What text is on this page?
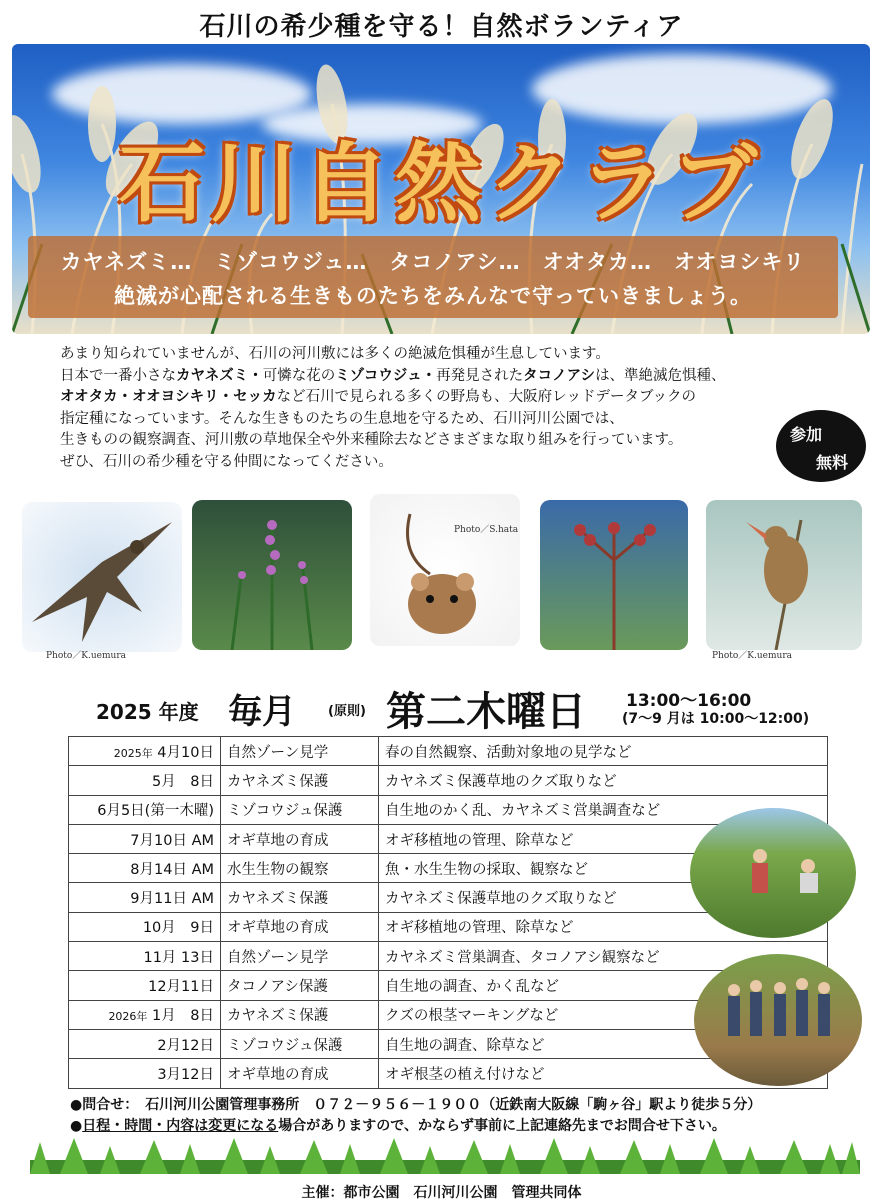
石川の希少種を守る！自然ボランティア
石川自然クラブ
カヤネズミ…　ミゾコウジュ…　タコノアシ…　オオタカ…　オオヨシキリ
絶滅が心配される生きものたちをみんなで守っていきましょう。
あまり知られていませんが、石川の河川敷には多くの絶滅危惧種が生息しています。
日本で一番小さなカヤネズミ・可憐な花のミゾコウジュ・再発見されたタコノアシは、準絶滅危惧種、
オオタカ・オオヨシキリ・セッカなど石川で見られる多くの野鳥も、大阪府レッドデータブックの
指定種になっています。そんな生きものたちの生息地を守るため、石川河川公園では、
生きものの観察調査、河川敷の草地保全や外来種除去などさまざまな取り組みを行っています。
ぜひ、石川の希少種を守る仲間になってください。
参加
無料
Photo／K.uemura
Photo／S.hata
Photo／K.uemura
2025 年度 毎月 (原則) 第二木曜日 13:00～16:00
(7～9 月は 10:00～12:00)
2025年 4月10日	自然ゾーン見学	春の自然観察、活動対象地の見学など
5月　8日	カヤネズミ保護	カヤネズミ保護草地のクズ取りなど
6月5日(第一木曜)	ミゾコウジュ保護	自生地のかく乱、カヤネズミ営巣調査など
7月10日 AM	オギ草地の育成	オギ移植地の管理、除草など
8月14日 AM	水生生物の観察	魚・水生生物の採取、観察など
9月11日 AM	カヤネズミ保護	カヤネズミ保護草地のクズ取りなど
10月　9日	オギ草地の育成	オギ移植地の管理、除草など
11月 13日	自然ゾーン見学	カヤネズミ営巣調査、タコノアシ観察など
12月11日	タコノアシ保護	自生地の調査、かく乱など
2026年 1月　8日	カヤネズミ保護	クズの根茎マーキングなど
2月12日	ミゾコウジュ保護	自生地の調査、除草など
3月12日	オギ草地の育成	オギ根茎の植え付けなど
●問合せ：　石川河川公園管理事務所　０７２－９５６－１９００（近鉄南大阪線「駒ヶ谷」駅より徒歩５分）
●日程・時間・内容は変更になる場合がありますので、かならず事前に上記連絡先までお問合せ下さい。
主催：都市公園　石川河川公園　管理共同体
